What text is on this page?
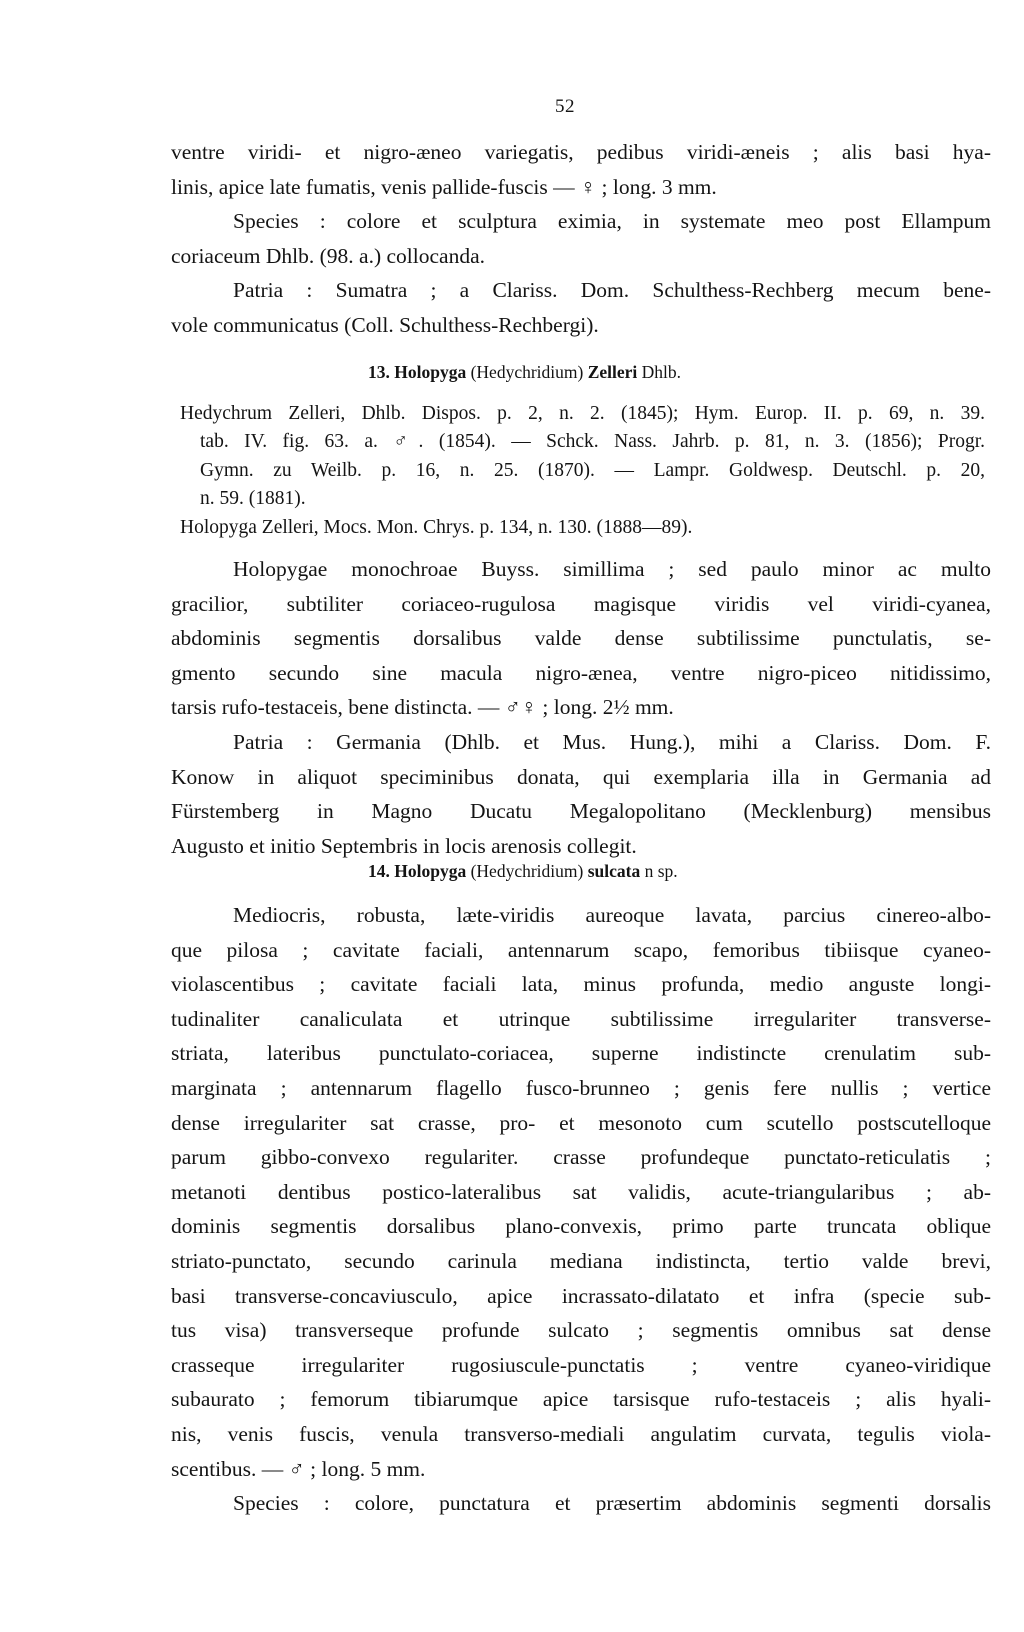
52
ventre viridi- et nigro-æneo variegatis, pedibus viridi-æneis ; alis basi hya-
linis, apice late fumatis, venis pallide-fuscis — ♀ ; long. 3 mm.
Species : colore et sculptura eximia, in systemate meo post Ellampum
coriaceum Dhlb. (98. a.) collocanda.
Patria : Sumatra ; a Clariss. Dom. Schulthess-Rechberg mecum bene-
vole communicatus (Coll. Schulthess-Rechbergi).
13. Holopyga (Hedychridium) Zelleri Dhlb.
Hedychrum Zelleri, Dhlb. Dispos. p. 2, n. 2. (1845); Hym. Europ. II. p. 69, n. 39.
tab. IV. fig. 63. a. ♂. (1854). — Schck. Nass. Jahrb. p. 81, n. 3. (1856); Progr.
Gymn. zu Weilb. p. 16, n. 25. (1870). — Lampr. Goldwesp. Deutschl. p. 20,
n. 59. (1881).
Holopyga Zelleri, Mocs. Mon. Chrys. p. 134, n. 130. (1888—89).
Holopygae monochroae Buyss. simillima ; sed paulo minor ac multo
gracilior, subtiliter coriaceo-rugulosa magisque viridis vel viridi-cyanea,
abdominis segmentis dorsalibus valde dense subtilissime punctulatis, se-
gmento secundo sine macula nigro-ænea, ventre nigro-piceo nitidissimo,
tarsis rufo-testaceis, bene distincta. — ♂♀ ; long. 2½ mm.
Patria : Germania (Dhlb. et Mus. Hung.), mihi a Clariss. Dom. F.
Konow in aliquot speciminibus donata, qui exemplaria illa in Germania ad
Fürstemberg in Magno Ducatu Megalopolitano (Mecklenburg) mensibus
Augusto et initio Septembris in locis arenosis collegit.
14. Holopyga (Hedychridium) sulcata n sp.
Mediocris, robusta, læte-viridis aureoque lavata, parcius cinereo-albo-
que pilosa ; cavitate faciali, antennarum scapo, femoribus tibiisque cyaneo-
violascentibus ; cavitate faciali lata, minus profunda, medio anguste longi-
tudinaliter canaliculata et utrinque subtilissime irregulariter transverse-
striata, lateribus punctulato-coriacea, superne indistincte crenulatim sub-
marginata ; antennarum flagello fusco-brunneo ; genis fere nullis ; vertice
dense irregulariter sat crasse, pro- et mesonoto cum scutello postscutelloque
parum gibbo-convexo regulariter. crasse profundeque punctato-reticulatis ;
metanoti dentibus postico-lateralibus sat validis, acute-triangularibus ; ab-
dominis segmentis dorsalibus plano-convexis, primo parte truncata oblique
striato-punctato, secundo carinula mediana indistincta, tertio valde brevi,
basi transverse-concaviusculo, apice incrassato-dilatato et infra (specie sub-
tus visa) transverseque profunde sulcato ; segmentis omnibus sat dense
crasseque irregulariter rugosiuscule-punctatis ; ventre cyaneo-viridique
subaurato ; femorum tibiarumque apice tarsisque rufo-testaceis ; alis hyali-
nis, venis fuscis, venula transverso-mediali angulatim curvata, tegulis viola-
scentibus. — ♂ ; long. 5 mm.
Species : colore, punctatura et præsertim abdominis segmenti dorsalis
